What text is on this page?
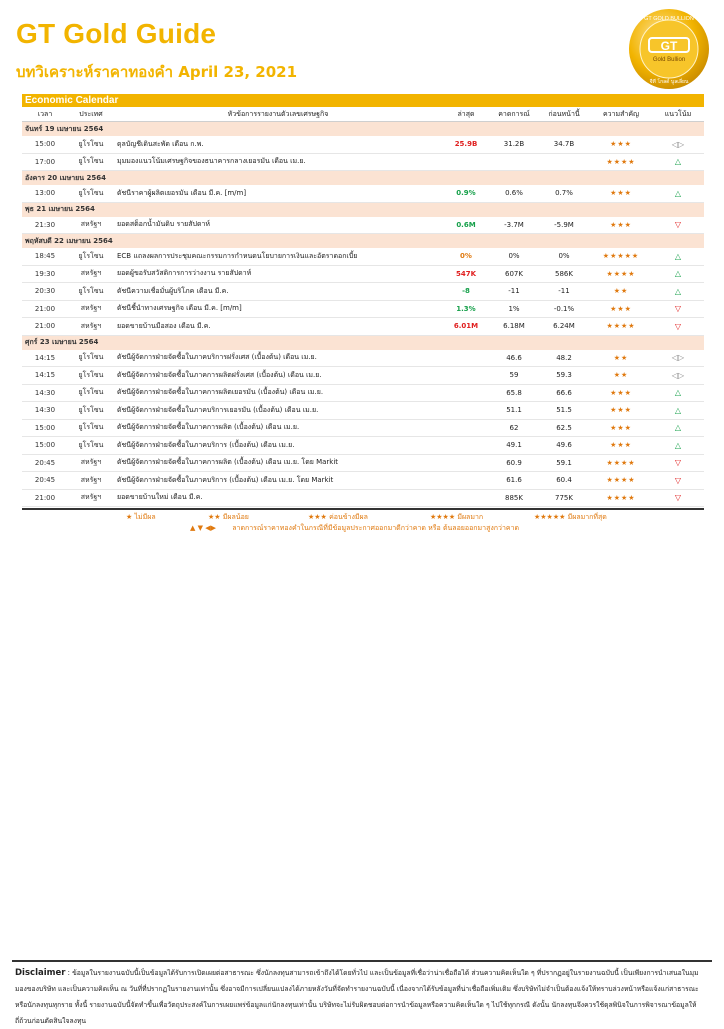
GT Gold Guide
บทวิเคราะห์ราคาทองคำ April 23, 2021
GT
Gold Bullion
GT GOLD BULLION
จีที โกลด์ บูลเลี่ยน
Economic Calendar
เวลา	ประเทศ	หัวข้อการรายงานตัวเลขเศรษฐกิจ	ล่าสุด	คาดการณ์	ก่อนหน้านี้	ความสำคัญ	แนวโน้ม
จันทร์ 19 เมษายน 2564							
15:00	ยูโรโซน	ดุลบัญชีเดินสะพัด เดือน ก.พ.	25.9B	31.2B	34.7B	★★★	◁▷
17:00	ยูโรโซน	มุมมองแนวโน้มเศรษฐกิจของธนาคารกลางเยอรมัน เดือน เม.ย.				★★★★	△
อังคาร 20 เมษายน 2564							
13:00	ยูโรโซน	ดัชนีราคาผู้ผลิตเยอรมัน เดือน มี.ค. [m/m]	0.9%	0.6%	0.7%	★★★	△
พุธ 21 เมษายน 2564							
21:30	สหรัฐฯ	ยอดสต็อกน้ำมันดิบ รายสัปดาห์	0.6M	-3.7M	-5.9M	★★★	▽
พฤหัสบดี 22 เมษายน 2564							
18:45	ยูโรโซน	ECB แถลงผลการประชุมคณะกรรมการกำหนดนโยบายการเงินและอัตราดอกเบี้ย	0%	0%	0%	★★★★★	△
19:30	สหรัฐฯ	ยอดผู้ขอรับสวัสดิการการว่างงาน รายสัปดาห์	547K	607K	586K	★★★★	△
20:30	ยูโรโซน	ดัชนีความเชื่อมั่นผู้บริโภค เดือน มี.ค.	-8	-11	-11	★★	△
21:00	สหรัฐฯ	ดัชนีชี้นำทางเศรษฐกิจ เดือน มี.ค. [m/m]	1.3%	1%	-0.1%	★★★	▽
21:00	สหรัฐฯ	ยอดขายบ้านมือสอง เดือน มี.ค.	6.01M	6.18M	6.24M	★★★★	▽
ศุกร์ 23 เมษายน 2564							
14:15	ยูโรโซน	ดัชนีผู้จัดการฝ่ายจัดซื้อในภาคบริการฝรั่งเศส (เบื้องต้น) เดือน เม.ย.		46.6	48.2	★★	◁▷
14:15	ยูโรโซน	ดัชนีผู้จัดการฝ่ายจัดซื้อในภาคการผลิตฝรั่งเศส (เบื้องต้น) เดือน เม.ย.		59	59.3	★★	◁▷
14:30	ยูโรโซน	ดัชนีผู้จัดการฝ่ายจัดซื้อในภาคการผลิตเยอรมัน (เบื้องต้น) เดือน เม.ย.		65.8	66.6	★★★	△
14:30	ยูโรโซน	ดัชนีผู้จัดการฝ่ายจัดซื้อในภาคบริการเยอรมัน (เบื้องต้น) เดือน เม.ย.		51.1	51.5	★★★	△
15:00	ยูโรโซน	ดัชนีผู้จัดการฝ่ายจัดซื้อในภาคการผลิต (เบื้องต้น) เดือน เม.ย.		62	62.5	★★★	△
15:00	ยูโรโซน	ดัชนีผู้จัดการฝ่ายจัดซื้อในภาคบริการ (เบื้องต้น) เดือน เม.ย.		49.1	49.6	★★★	△
20:45	สหรัฐฯ	ดัชนีผู้จัดการฝ่ายจัดซื้อในภาคการผลิต (เบื้องต้น) เดือน เม.ย. โดย Markit		60.9	59.1	★★★★	▽
20:45	สหรัฐฯ	ดัชนีผู้จัดการฝ่ายจัดซื้อในภาคบริการ (เบื้องต้น) เดือน เม.ย. โดย Markit		61.6	60.4	★★★★	▽
21:00	สหรัฐฯ	ยอดขายบ้านใหม่ เดือน มี.ค.		885K	775K	★★★★	▽
★ ไม่มีผล	★★ มีผลน้อย	★★★ ค่อนข้างมีผล	★★★★ มีผลมาก	★★★★★ มีผลมากที่สุด
▲ ▼ ◀▶ ลาดการณ์ราคาทองคำในกรณีที่มีข้อมูลประกาศออกมาดีกว่าคาด หรือ ต้นลอยออกมาสูงกว่าคาด
Disclaimer : ข้อมูลในรายงานฉบับนี้เป็นข้อมูลได้รับการเปิดเผยต่อสาธารณะ ซึ่งนักลงทุนสามารถเข้าถึงได้โดยทั่วไป และเป็นข้อมูลที่เชื่อว่าน่าเชื่อถือได้ ส่วนความคิดเห็นใด ๆ ที่ปรากฏอยู่ในรายงานฉบับนี้ เป็นเพียงการนำเสนอในมุมมองของบริษัท และเป็นความคิดเห็น ณ วันที่ที่ปรากฏในรายงานเท่านั้น ซึ่งอาจมีการเปลี่ยนแปลงได้ภายหลังวันที่จัดทำรายงานฉบับนี้ เนื่องจากได้รับข้อมูลที่น่าเชื่อถือเพิ่มเติม ซึ่งบริษัทไม่จำเป็นต้องแจ้งให้ทราบล่วงหน้าหรือแจ้งแก่สาธารณะหรือนักลงทุนทุกราย ทั้งนี้ รายงานฉบับนี้จัดทำขึ้นเพื่อวัตถุประสงค์ในการเผยแพร่ข้อมูลแก่นักลงทุนเท่านั้น บริษัทจะไม่รับผิดชอบต่อการนำข้อมูลหรือความคิดเห็นใด ๆ ไปใช้ทุกกรณี ดังนั้น นักลงทุนจึงควรใช้ดุลพินิจในการพิจารณาข้อมูลให้ถี่ถ้วนก่อนตัดสินใจลงทุน
